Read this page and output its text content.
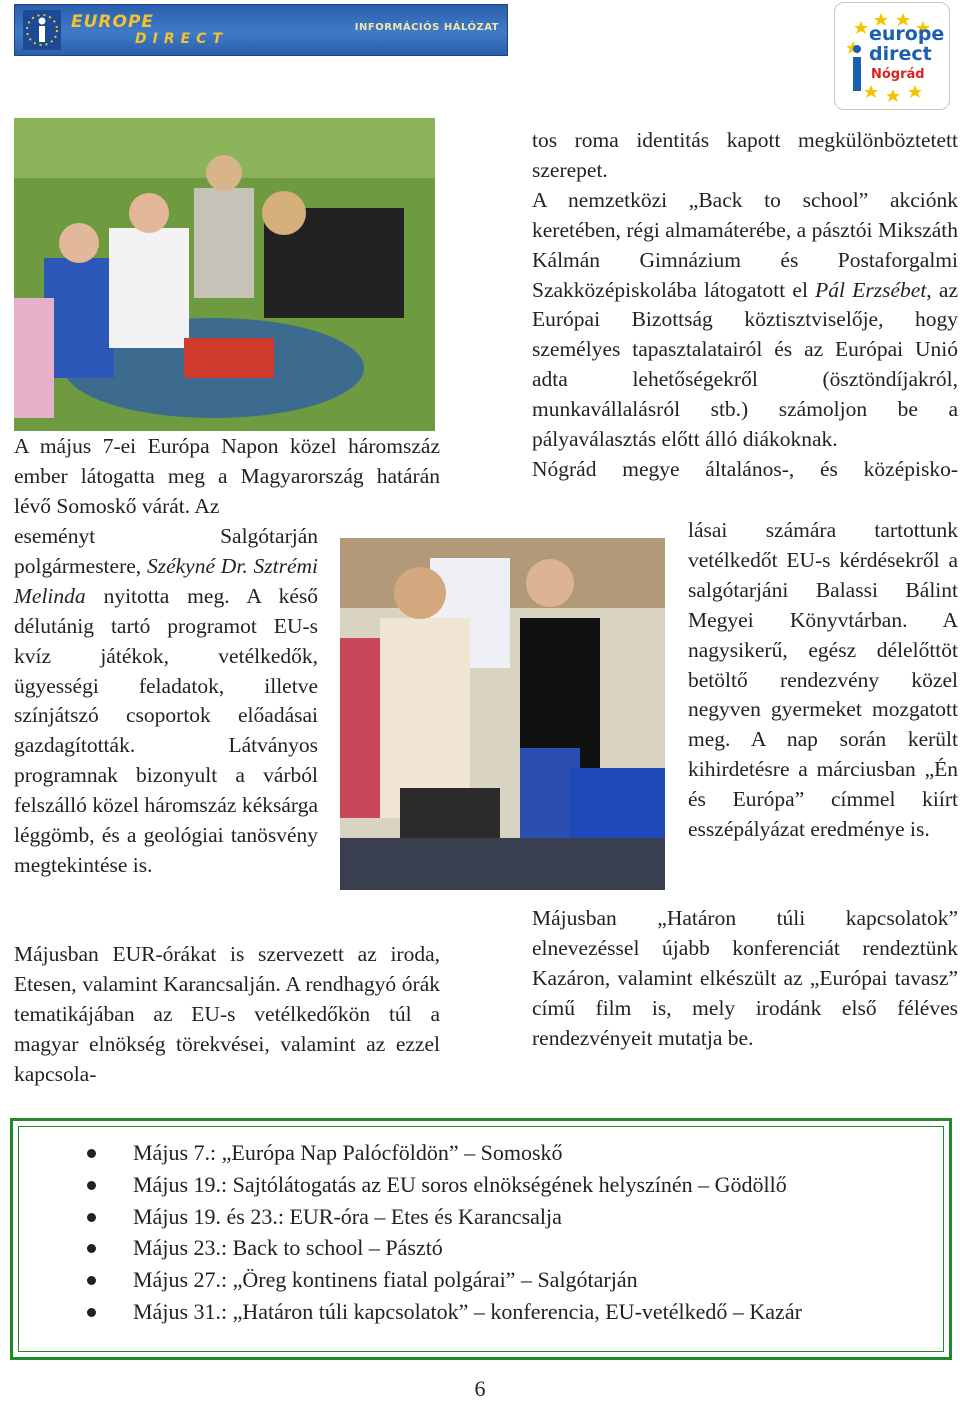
EUROPE
DIRECT
INFORMÁCIÓS HÁLÓZAT	europe
direct
Nógrád

A május 7-ei Európa Napon közel háromszáz ember látogatta meg a Magyarország határán lévő Somoskő várát. Az

eseményt Salgótarján polgármestere, Székyné Dr. Sztrémi Melinda nyitotta meg. A késő délutánig tartó programot EU-s kvíz játékok, vetélkedők, ügyességi feladatok, illetve színjátszó csoportok előadásai gazdagították. Látványos programnak bizonyult a várból felszálló közel háromszáz kéksárga léggömb, és a geológiai tanösvény megtekintése is.

Májusban EUR-órákat is szervezett az iroda, Etesen, valamint Karancsalján. A rendhagyó órák tematikájában az EU-s vetélkedőkön túl a magyar elnökség törekvései, valamint az ezzel kapcsola-

tos roma identitás kapott megkülönböztetett szerepet.

A nemzetközi „Back to school” akciónk keretében, régi almamáterébe, a pásztói Mikszáth Kálmán Gimnázium és Postaforgalmi Szakközépiskolába látogatott el Pál Erzsébet, az Európai Bizottság köztisztviselője, hogy személyes tapasztalatairól és az Európai Unió adta lehetőségekről (ösztöndíjakról, munkavállalásról stb.) számoljon be a pályaválasztás előtt álló diákoknak.

Nógrád megye általános-, és középisko-

lásai számára tartottunk vetélkedőt EU-s kérdésekről a salgótarjáni Balassi Bálint Megyei Könyvtárban. A nagysikerű, egész délelőttöt betöltő rendezvény közel negyven gyermeket mozgatott meg. A nap során került kihirdetésre a márciusban „Én és Európa” címmel kiírt esszépályázat eredménye is.

Májusban „Határon túli kapcsolatok” elnevezéssel újabb konferenciát rendeztünk Kazáron, valamint elkészült az „Európai tavasz” című film is, mely irodánk első féléves rendezvényeit mutatja be.

Május 7.: „Európa Nap Palócföldön” – Somoskő
Május 19.: Sajtólátogatás az EU soros elnökségének helyszínén – Gödöllő
Május 19. és 23.: EUR-óra – Etes és Karancsalja
Május 23.: Back to school – Pásztó
Május 27.: „Öreg kontinens fiatal polgárai” – Salgótarján
Május 31.: „Határon túli kapcsolatok” – konferencia, EU-vetélkedő – Kazár
6
